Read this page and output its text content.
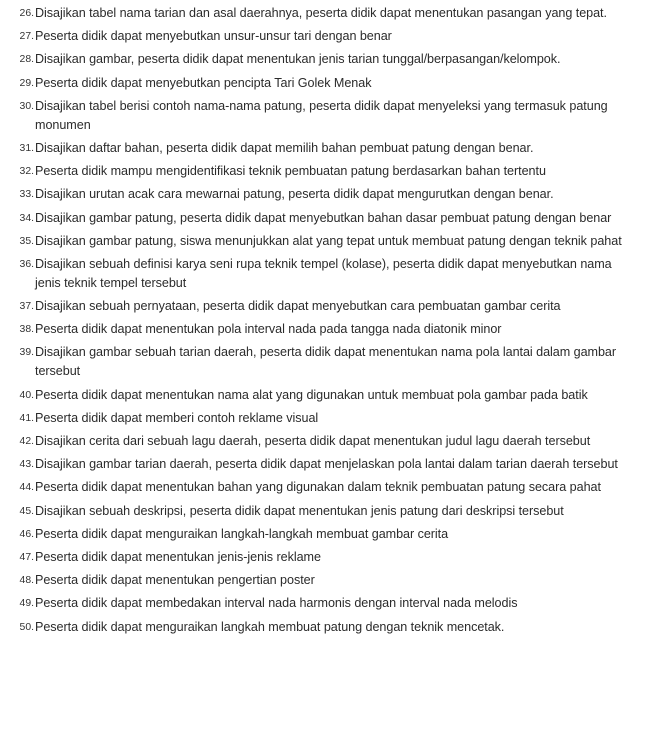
26. Disajikan tabel nama tarian dan asal daerahnya, peserta didik dapat menentukan pasangan yang tepat.
27. Peserta didik dapat menyebutkan unsur-unsur tari dengan benar
28. Disajikan gambar, peserta didik dapat menentukan jenis tarian tunggal/berpasangan/kelompok.
29. Peserta didik dapat menyebutkan pencipta Tari Golek Menak
30. Disajikan tabel berisi contoh nama-nama patung, peserta didik dapat menyeleksi yang termasuk patung monumen
31. Disajikan daftar bahan, peserta didik dapat memilih bahan pembuat patung dengan benar.
32. Peserta didik mampu mengidentifikasi teknik pembuatan patung berdasarkan bahan tertentu
33. Disajikan urutan acak cara mewarnai patung, peserta didik dapat mengurutkan dengan benar.
34. Disajikan gambar patung, peserta didik dapat menyebutkan bahan dasar pembuat patung dengan benar
35. Disajikan gambar patung, siswa menunjukkan alat yang tepat untuk membuat patung dengan teknik pahat
36. Disajikan sebuah definisi karya seni rupa teknik tempel (kolase), peserta didik dapat menyebutkan nama jenis teknik tempel tersebut
37. Disajikan sebuah pernyataan, peserta didik dapat menyebutkan cara pembuatan gambar cerita
38. Peserta didik dapat menentukan pola interval nada pada tangga nada diatonik minor
39. Disajikan gambar sebuah tarian daerah, peserta didik dapat menentukan nama pola lantai dalam gambar tersebut
40. Peserta didik dapat menentukan nama alat yang digunakan untuk membuat pola gambar pada batik
41. Peserta didik dapat memberi contoh reklame visual
42. Disajikan cerita dari sebuah lagu daerah, peserta didik dapat menentukan judul lagu daerah tersebut
43. Disajikan gambar tarian daerah, peserta didik dapat menjelaskan pola lantai dalam tarian daerah tersebut
44. Peserta didik dapat menentukan bahan yang digunakan dalam teknik pembuatan patung secara pahat
45. Disajikan sebuah deskripsi, peserta didik dapat menentukan jenis patung dari deskripsi tersebut
46. Peserta didik dapat menguraikan langkah-langkah membuat gambar cerita
47. Peserta didik dapat menentukan jenis-jenis reklame
48. Peserta didik dapat menentukan pengertian poster
49. Peserta didik dapat membedakan interval nada harmonis dengan interval nada melodis
50. Peserta didik dapat menguraikan langkah membuat patung dengan teknik mencetak.
